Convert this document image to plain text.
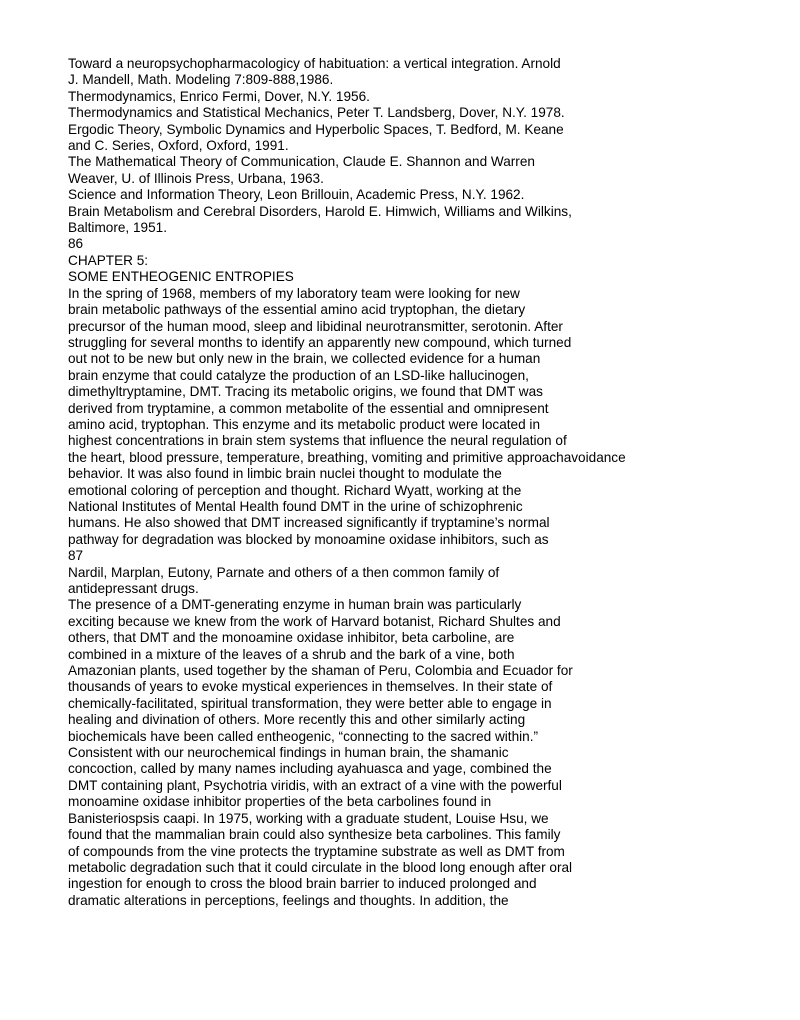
Toward a neuropsychopharmacologicy of habituation: a vertical integration. Arnold
J. Mandell, Math. Modeling 7:809-888,1986.
Thermodynamics, Enrico Fermi, Dover, N.Y. 1956.
Thermodynamics and Statistical Mechanics, Peter T. Landsberg, Dover, N.Y. 1978.
Ergodic Theory, Symbolic Dynamics and Hyperbolic Spaces, T. Bedford, M. Keane
and C. Series, Oxford, Oxford, 1991.
The Mathematical Theory of Communication, Claude E. Shannon and Warren
Weaver, U. of Illinois Press, Urbana, 1963.
Science and Information Theory, Leon Brillouin, Academic Press, N.Y. 1962.
Brain Metabolism and Cerebral Disorders, Harold E. Himwich, Williams and Wilkins,
Baltimore, 1951.
86
CHAPTER 5:
SOME ENTHEOGENIC ENTROPIES
In the spring of 1968, members of my laboratory team were looking for new
brain metabolic pathways of the essential amino acid tryptophan, the dietary
precursor of the human mood, sleep and libidinal neurotransmitter, serotonin. After
struggling for several months to identify an apparently new compound, which turned
out not to be new but only new in the brain, we collected evidence for a human
brain enzyme that could catalyze the production of an LSD-like hallucinogen,
dimethyltryptamine, DMT. Tracing its metabolic origins, we found that DMT was
derived from tryptamine, a common metabolite of the essential and omnipresent
amino acid, tryptophan. This enzyme and its metabolic product were located in
highest concentrations in brain stem systems that influence the neural regulation of
the heart, blood pressure, temperature, breathing, vomiting and primitive approachavoidance
behavior. It was also found in limbic brain nuclei thought to modulate the
emotional coloring of perception and thought. Richard Wyatt, working at the
National Institutes of Mental Health found DMT in the urine of schizophrenic
humans. He also showed that DMT increased significantly if tryptamine’s normal
pathway for degradation was blocked by monoamine oxidase inhibitors, such as
87
Nardil, Marplan, Eutony, Parnate and others of a then common family of
antidepressant drugs.
The presence of a DMT-generating enzyme in human brain was particularly
exciting because we knew from the work of Harvard botanist, Richard Shultes and
others, that DMT and the monoamine oxidase inhibitor, beta carboline, are
combined in a mixture of the leaves of a shrub and the bark of a vine, both
Amazonian plants, used together by the shaman of Peru, Colombia and Ecuador for
thousands of years to evoke mystical experiences in themselves. In their state of
chemically-facilitated, spiritual transformation, they were better able to engage in
healing and divination of others. More recently this and other similarly acting
biochemicals have been called entheogenic, “connecting to the sacred within.”
Consistent with our neurochemical findings in human brain, the shamanic
concoction, called by many names including ayahuasca and yage, combined the
DMT containing plant, Psychotria viridis, with an extract of a vine with the powerful
monoamine oxidase inhibitor properties of the beta carbolines found in
Banisteriospsis caapi. In 1975, working with a graduate student, Louise Hsu, we
found that the mammalian brain could also synthesize beta carbolines. This family
of compounds from the vine protects the tryptamine substrate as well as DMT from
metabolic degradation such that it could circulate in the blood long enough after oral
ingestion for enough to cross the blood brain barrier to induced prolonged and
dramatic alterations in perceptions, feelings and thoughts. In addition, the
